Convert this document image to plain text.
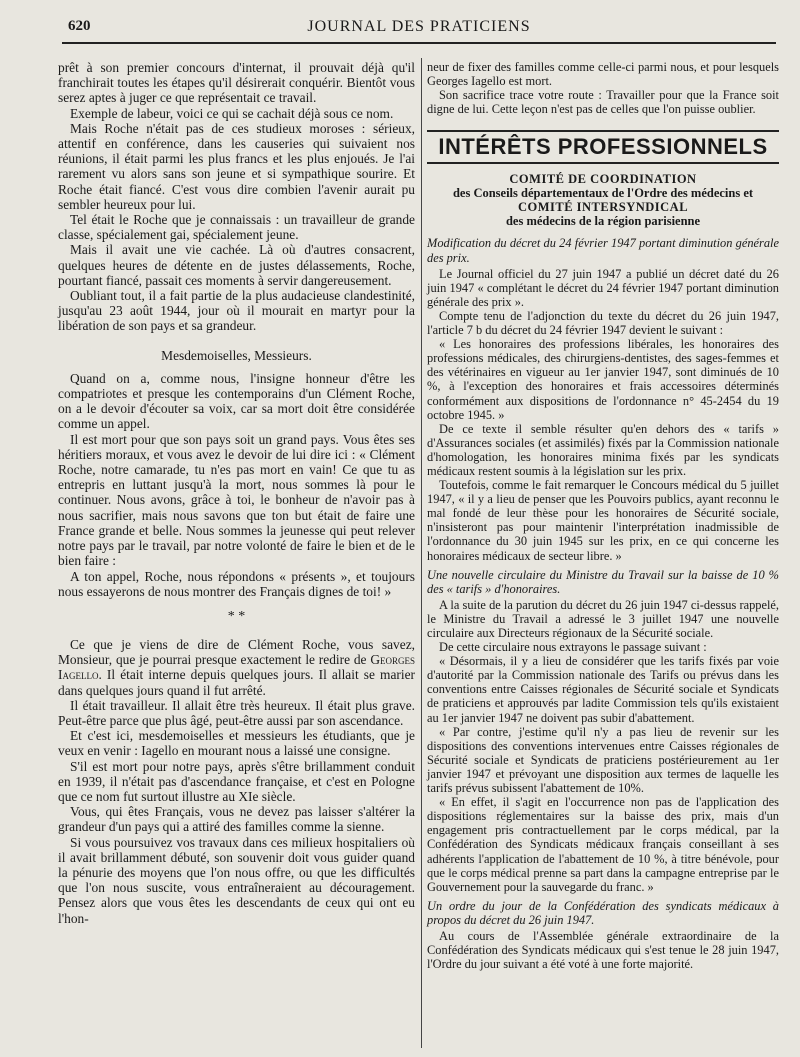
620	JOURNAL DES PRATICIENS

prêt à son premier concours d'internat, il prouvait déjà qu'il franchirait toutes les étapes qu'il désirerait conquérir. Bientôt vous serez aptes à juger ce que représentait ce travail.

Exemple de labeur, voici ce qui se cachait déjà sous ce nom.

Mais Roche n'était pas de ces studieux moroses : sérieux, attentif en conférence, dans les causeries qui suivaient nos réunions, il était parmi les plus francs et les plus enjoués. Je l'ai rarement vu alors sans son jeune et si sympathique sourire. Et Roche était fiancé. C'est vous dire combien l'avenir aurait pu sembler heureux pour lui.

Tel était le Roche que je connaissais : un travailleur de grande classe, spécialement gai, spécialement jeune.

Mais il avait une vie cachée. Là où d'autres consacrent, quelques heures de détente en de justes délassements, Roche, pourtant fiancé, passait ces moments à servir dangereusement.

Oubliant tout, il a fait partie de la plus audacieuse clandestinité, jusqu'au 23 août 1944, jour où il mourait en martyr pour la libération de son pays et sa grandeur.

Mesdemoiselles, Messieurs.

Quand on a, comme nous, l'insigne honneur d'être les compatriotes et presque les contemporains d'un Clément Roche, on a le devoir d'écouter sa voix, car sa mort doit être considérée comme un appel.

Il est mort pour que son pays soit un grand pays. Vous êtes ses héritiers moraux, et vous avez le devoir de lui dire ici : « Clément Roche, notre camarade, tu n'es pas mort en vain! Ce que tu as entrepris en luttant jusqu'à la mort, nous sommes là pour le continuer. Nous avons, grâce à toi, le bonheur de n'avoir pas à nous sacrifier, mais nous savons que ton but était de faire une France grande et belle. Nous sommes la jeunesse qui peut relever notre pays par le travail, par notre volonté de faire le bien et de le bien faire :

A ton appel, Roche, nous répondons « présents », et toujours nous essayerons de nous montrer des Français dignes de toi! »

* *

Ce que je viens de dire de Clément Roche, vous savez, Monsieur, que je pourrai presque exactement le redire de Georges Iagello. Il était interne depuis quelques jours. Il allait se marier dans quelques jours quand il fut arrêté.

Il était travailleur. Il allait être très heureux. Il était plus grave. Peut-être parce que plus âgé, peut-être aussi par son ascendance.

Et c'est ici, mesdemoiselles et messieurs les étudiants, que je veux en venir : Iagello en mourant nous a laissé une consigne.

S'il est mort pour notre pays, après s'être brillamment conduit en 1939, il n'était pas d'ascendance française, et c'est en Pologne que ce nom fut surtout illustre au XIe siècle.

Vous, qui êtes Français, vous ne devez pas laisser s'altérer la grandeur d'un pays qui a attiré des familles comme la sienne.

Si vous poursuivez vos travaux dans ces milieux hospitaliers où il avait brillamment débuté, son souvenir doit vous guider quand la pénurie des moyens que l'on nous offre, ou que les difficultés que l'on nous suscite, vous entraîneraient au découragement. Pensez alors que vous êtes les descendants de ceux qui ont eu l'hon-

neur de fixer des familles comme celle-ci parmi nous, et pour lesquels Georges Iagello est mort.

Son sacrifice trace votre route : Travailler pour que la France soit digne de lui. Cette leçon n'est pas de celles que l'on puisse oublier.

INTÉRÊTS PROFESSIONNELS
COMITÉ DE COORDINATION
des Conseils départementaux de l'Ordre des médecins et
COMITÉ INTERSYNDICAL
des médecins de la région parisienne

Modification du décret du 24 février 1947 portant diminution générale des prix.

Le Journal officiel du 27 juin 1947 a publié un décret daté du 26 juin 1947 « complétant le décret du 24 février 1947 portant diminution générale des prix ».

Compte tenu de l'adjonction du texte du décret du 26 juin 1947, l'article 7 b du décret du 24 février 1947 devient le suivant :

« Les honoraires des professions libérales, les honoraires des professions médicales, des chirurgiens-dentistes, des sages-femmes et des vétérinaires en vigueur au 1er janvier 1947, sont diminués de 10 %, à l'exception des honoraires et frais accessoires déterminés conformément aux dispositions de l'ordonnance n° 45-2454 du 19 octobre 1945. »

De ce texte il semble résulter qu'en dehors des « tarifs » d'Assurances sociales (et assimilés) fixés par la Commission nationale d'homologation, les honoraires minima fixés par les syndicats médicaux restent soumis à la législation sur les prix.

Toutefois, comme le fait remarquer le Concours médical du 5 juillet 1947, « il y a lieu de penser que les Pouvoirs publics, ayant reconnu le mal fondé de leur thèse pour les honoraires de Sécurité sociale, n'insisteront pas pour maintenir l'interprétation inadmissible de l'ordonnance du 30 juin 1945 sur les prix, en ce qui concerne les honoraires médicaux de secteur libre. »

Une nouvelle circulaire du Ministre du Travail sur la baisse de 10 % des « tarifs » d'honoraires.

A la suite de la parution du décret du 26 juin 1947 ci-dessus rappelé, le Ministre du Travail a adressé le 3 juillet 1947 une nouvelle circulaire aux Directeurs régionaux de la Sécurité sociale.

De cette circulaire nous extrayons le passage suivant :

« Désormais, il y a lieu de considérer que les tarifs fixés par voie d'autorité par la Commission nationale des Tarifs ou prévus dans les conventions entre Caisses régionales de Sécurité sociale et Syndicats de praticiens et approuvés par ladite Commission tels qu'ils existaient au 1er janvier 1947 ne doivent pas subir d'abattement.

« Par contre, j'estime qu'il n'y a pas lieu de revenir sur les dispositions des conventions intervenues entre Caisses régionales de Sécurité sociale et Syndicats de praticiens postérieurement au 1er janvier 1947 et prévoyant une disposition aux termes de laquelle les tarifs prévus subissent l'abattement de 10%.

« En effet, il s'agit en l'occurrence non pas de l'application des dispositions réglementaires sur la baisse des prix, mais d'un engagement pris contractuellement par le corps médical, par la Confédération des Syndicats médicaux français conseillant à ses adhérents l'application de l'abattement de 10 %, à titre bénévole, pour que le corps médical prenne sa part dans la campagne entreprise par le Gouvernement pour la sauvegarde du franc. »

Un ordre du jour de la Confédération des syndicats médicaux à propos du décret du 26 juin 1947.

Au cours de l'Assemblée générale extraordinaire de la Confédération des Syndicats médicaux qui s'est tenue le 28 juin 1947, l'Ordre du jour suivant a été voté à une forte majorité.
